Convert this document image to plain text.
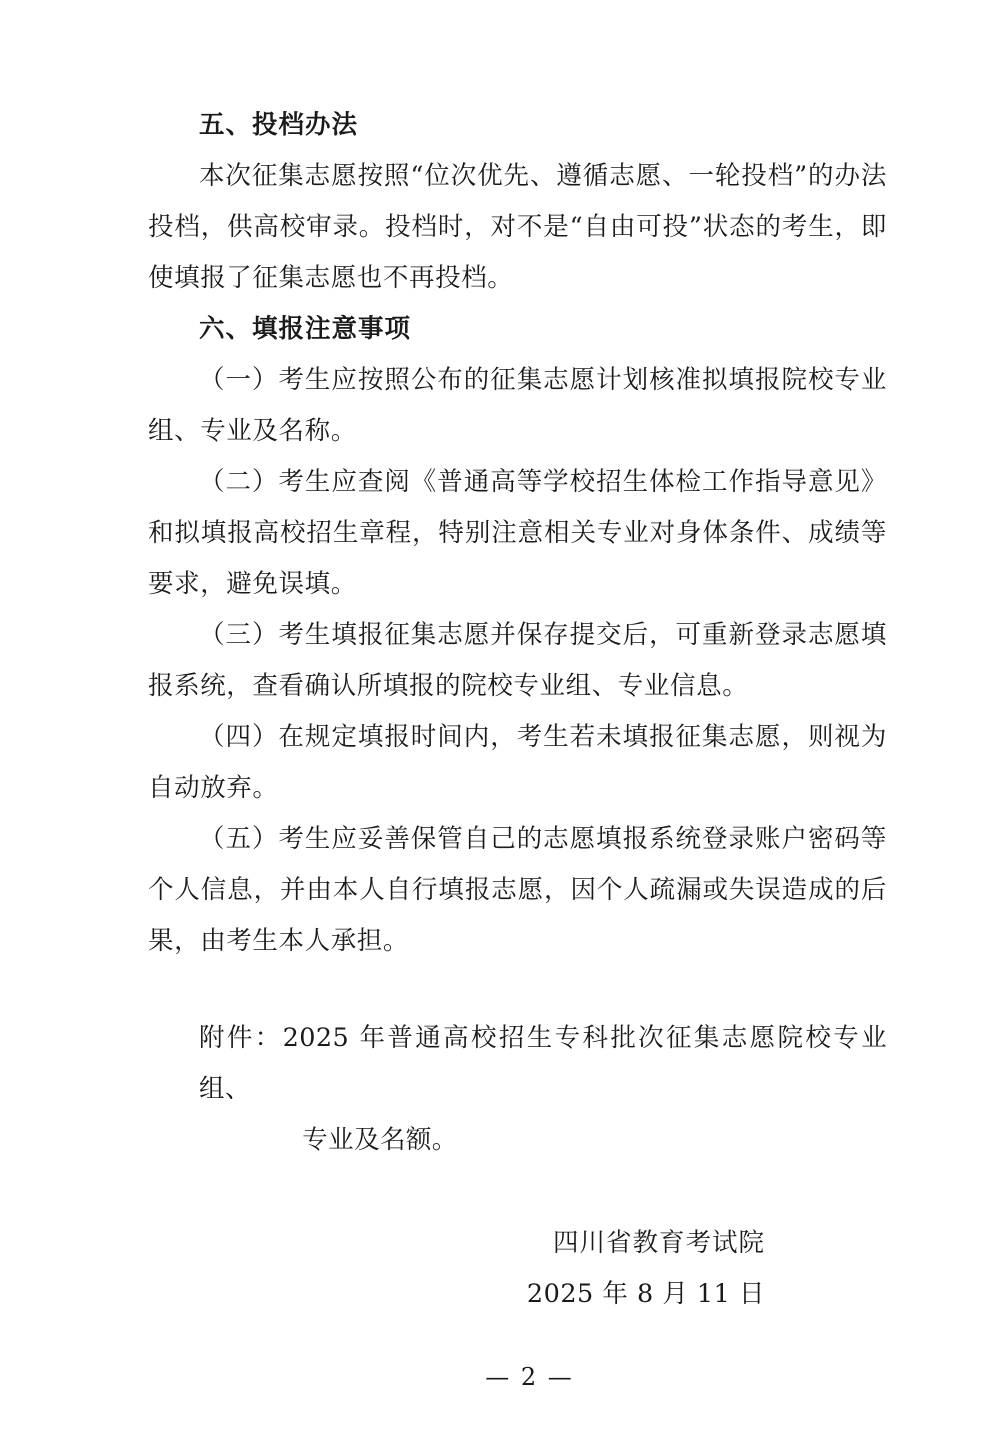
五、投档办法

本次征集志愿按照“位次优先、遵循志愿、一轮投档”的办法投档，供高校审录。投档时，对不是“自由可投”状态的考生，即使填报了征集志愿也不再投档。

六、填报注意事项

（一）考生应按照公布的征集志愿计划核准拟填报院校专业组、专业及名称。

（二）考生应查阅《普通高等学校招生体检工作指导意见》和拟填报高校招生章程，特别注意相关专业对身体条件、成绩等要求，避免误填。

（三）考生填报征集志愿并保存提交后，可重新登录志愿填报系统，查看确认所填报的院校专业组、专业信息。

（四）在规定填报时间内，考生若未填报征集志愿，则视为自动放弃。

（五）考生应妥善保管自己的志愿填报系统登录账户密码等个人信息，并由本人自行填报志愿，因个人疏漏或失误造成的后果，由考生本人承担。

附件：2025 年普通高校招生专科批次征集志愿院校专业组、
专业及名额。
四川省教育考试院
2025 年 8 月 11 日
— 2 —
